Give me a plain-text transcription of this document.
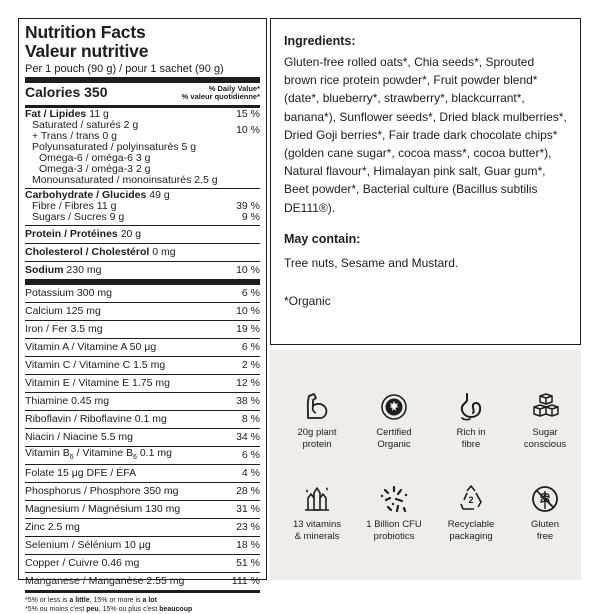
Nutrition Facts
Valeur nutritive
Per 1 pouch (90 g) / pour 1 sachet (90 g)
Calories 350	% Daily Value*
% valeur quotidienne*
Fat / Lipides 11 g	15 %
Saturated / saturés 2 g
+ Trans / trans 0 g	10 %
Polyunsaturated / polyinsaturés 5 g
Omega-6 / oméga-6 3 g
Omega-3 / oméga-3 2 g
Monounsaturated / monoinsaturés 2.5 g
Carbohydrate / Glucides 49 g
Fibre / Fibres 11 g	39 %
Sugars / Sucres 9 g	9 %
Protein / Protéines 20 g
Cholesterol / Cholestérol 0 mg
Sodium 230 mg	10 %
Potassium 300 mg	6 %
Calcium 125 mg	10 %
Iron / Fer 3.5 mg	19 %
Vitamin A / Vitamine A 50 μg	6 %
Vitamin C / Vitamine C 1.5 mg	2 %
Vitamin E / Vitamine E 1.75 mg	12 %
Thiamine 0.45 mg	38 %
Riboflavin / Riboflavine 0.1 mg	8 %
Niacin / Niacine 5.5 mg	34 %
Vitamin $B_6$ / Vitamine $B_6$ 0.1 mg	6 %
Folate 15 μg DFE / ÉFA	4 %
Phosphorus / Phosphore 350 mg	28 %
Magnesium / Magnésium 130 mg	31 %
Zinc 2.5 mg	23 %
Selenium / Sélénium 10 μg	18 %
Copper / Cuivre 0.46 mg	51 %
Manganese / Manganèse 2.55 mg	111 %
*5% or less is a little, 15% or more is a lot
*5% ou moins c'est peu, 15% ou plus c'est beaucoup
Ingredients:
Gluten-free rolled oats*, Chia seeds*, Sprouted brown rice protein powder*, Fruit powder blend* (date*, blueberry*, strawberry*, blackcurrant*, banana*), Sunflower seeds*, Dried black mulberries*, Dried Goji berries*, Fair trade dark chocolate chips* (golden cane sugar*, cocoa mass*, cocoa butter*), Natural flavour*, Himalayan pink salt, Guar gum*, Beet powder*, Bacterial culture (Bacillus subtilis DE111®).
May contain:
Tree nuts, Sesame and Mustard.
*Organic
20g plant
protein
Certified
Organic
Rich in
fibre
Sugar
conscious
13 vitamins
& minerals
1 Billion CFU
probiotics
2
Recyclable
packaging
Gluten
free
